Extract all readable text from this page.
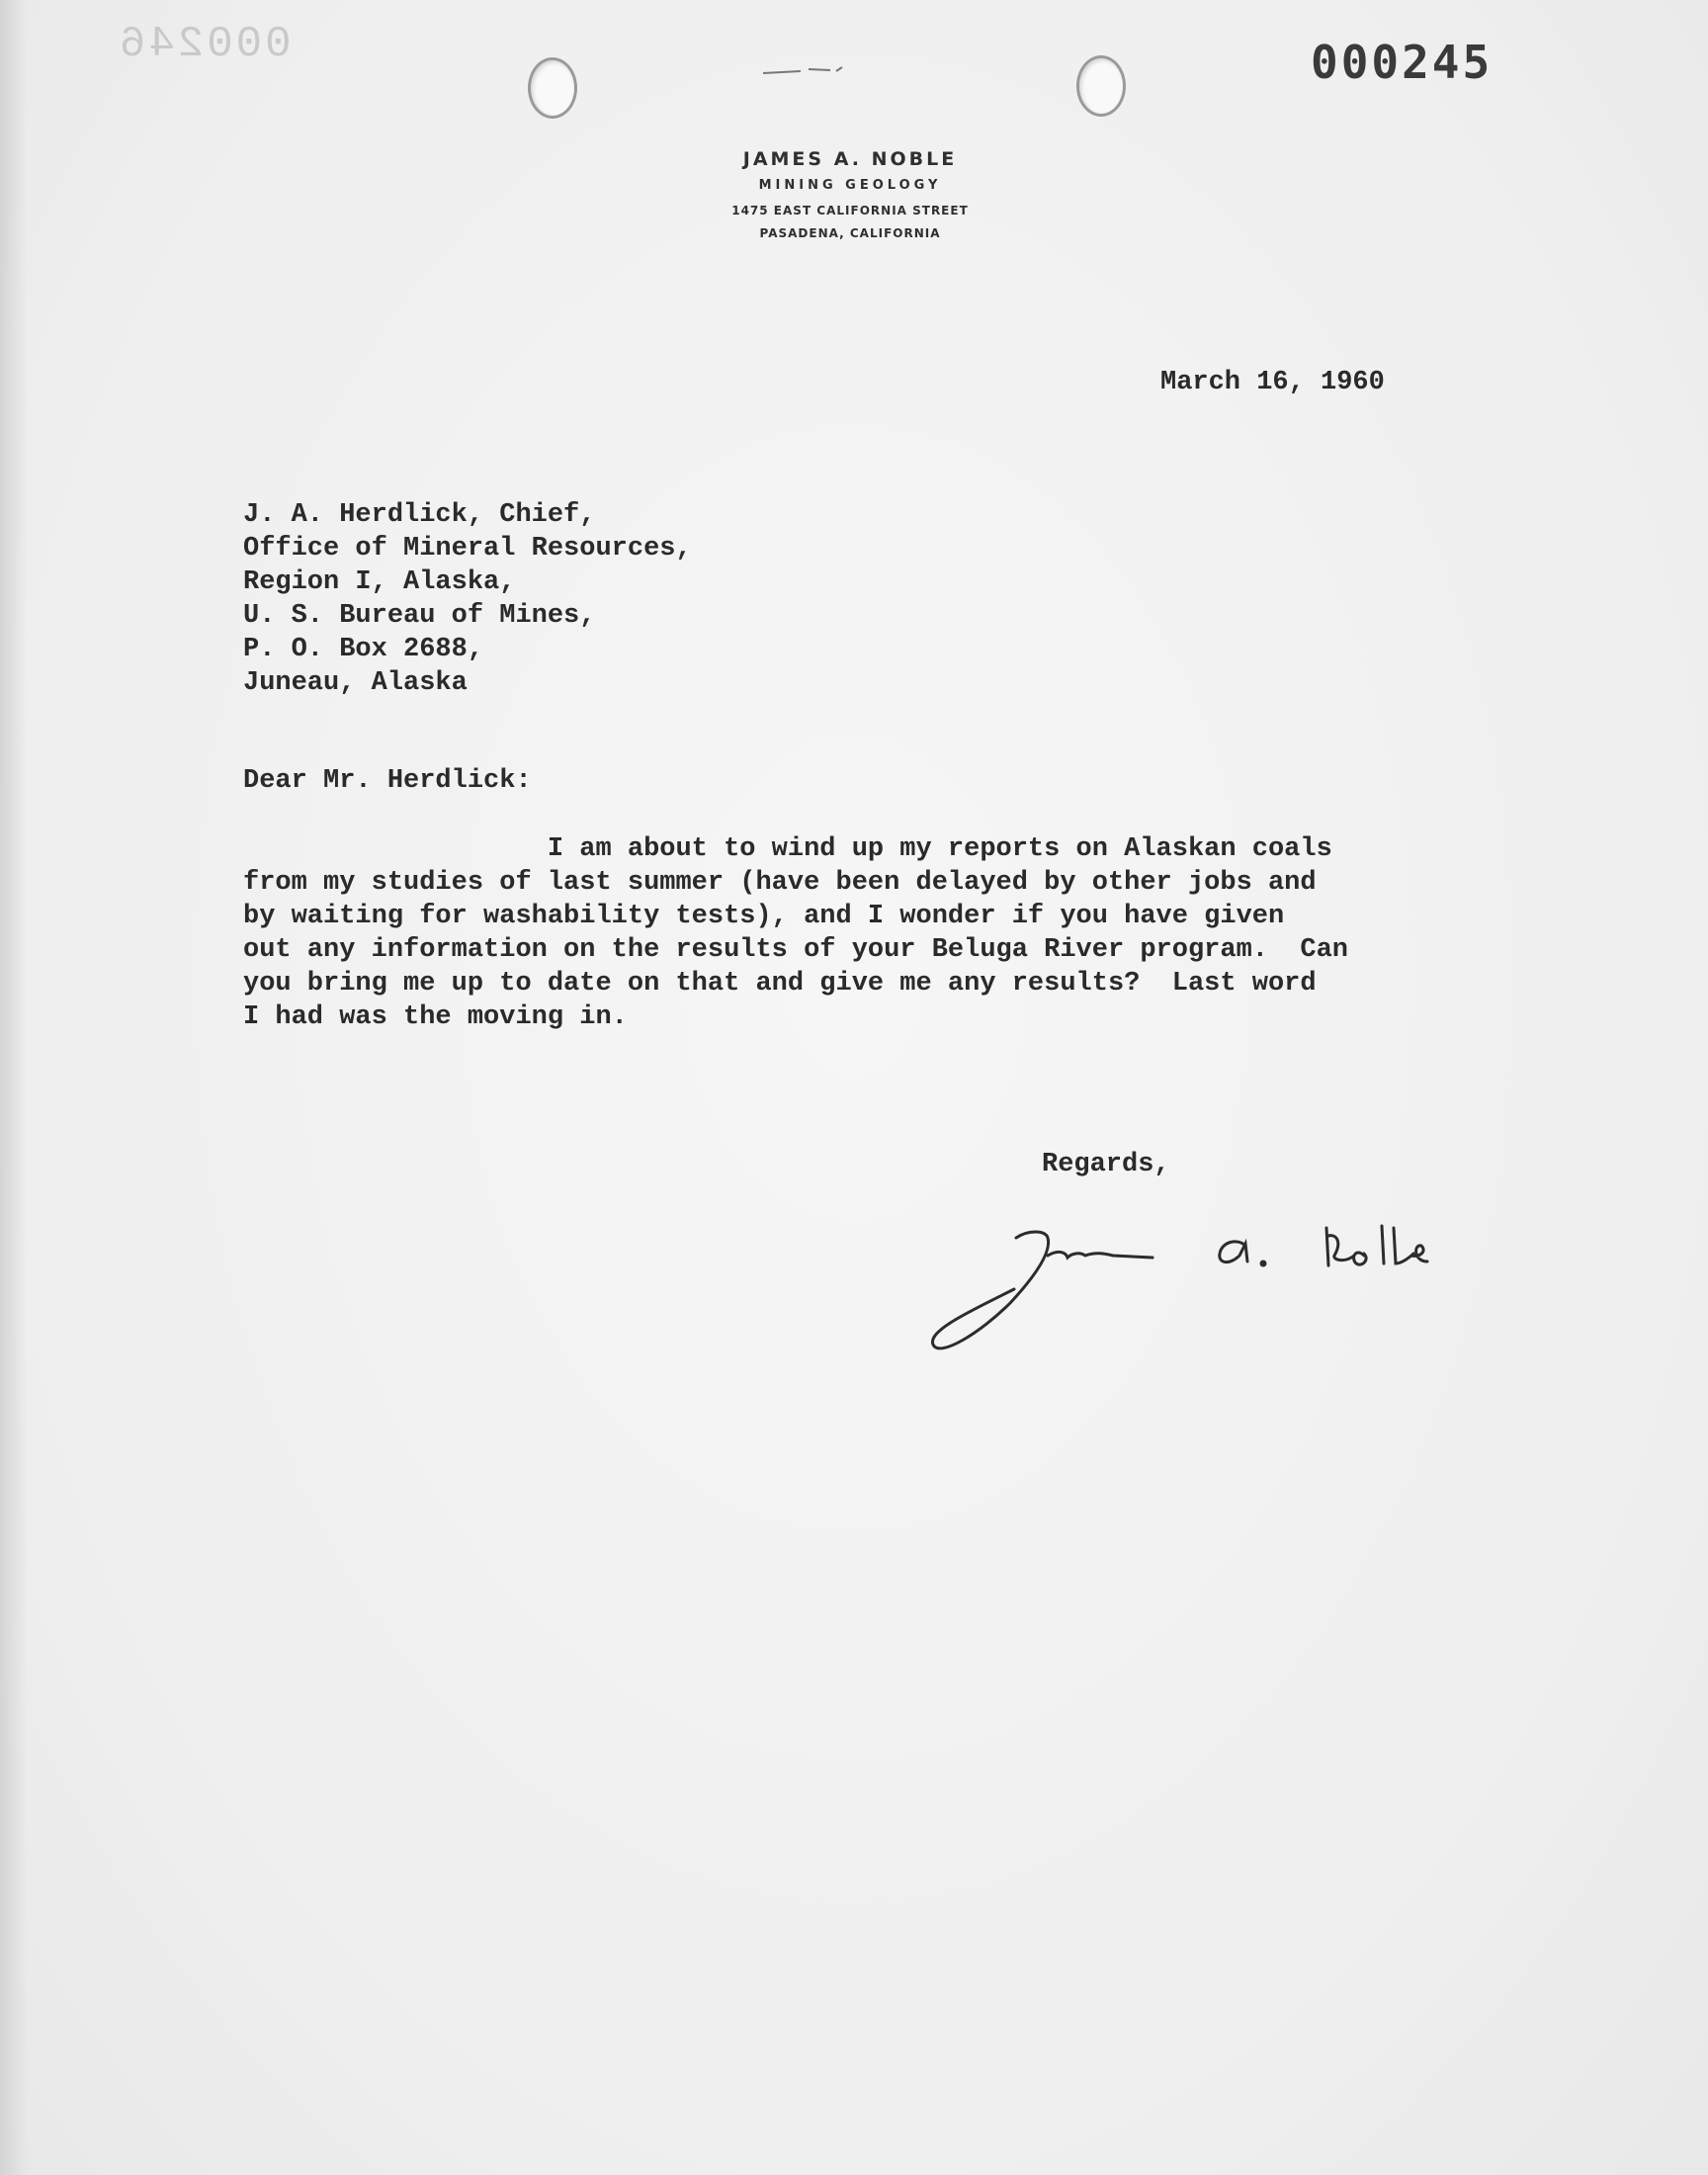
000246	000245
JAMES A. NOBLE
MINING GEOLOGY
1475 EAST CALIFORNIA STREET
PASADENA, CALIFORNIA
March 16, 1960
J. A. Herdlick, Chief,
Office of Mineral Resources,
Region I, Alaska,
U. S. Bureau of Mines,
P. O. Box 2688,
Juneau, Alaska
Dear Mr. Herdlick:
I am about to wind up my reports on Alaskan coals
from my studies of last summer (have been delayed by other jobs and
by waiting for washability tests), and I wonder if you have given
out any information on the results of your Beluga River program.  Can
you bring me up to date on that and give me any results?  Last word
I had was the moving in.
Regards,
